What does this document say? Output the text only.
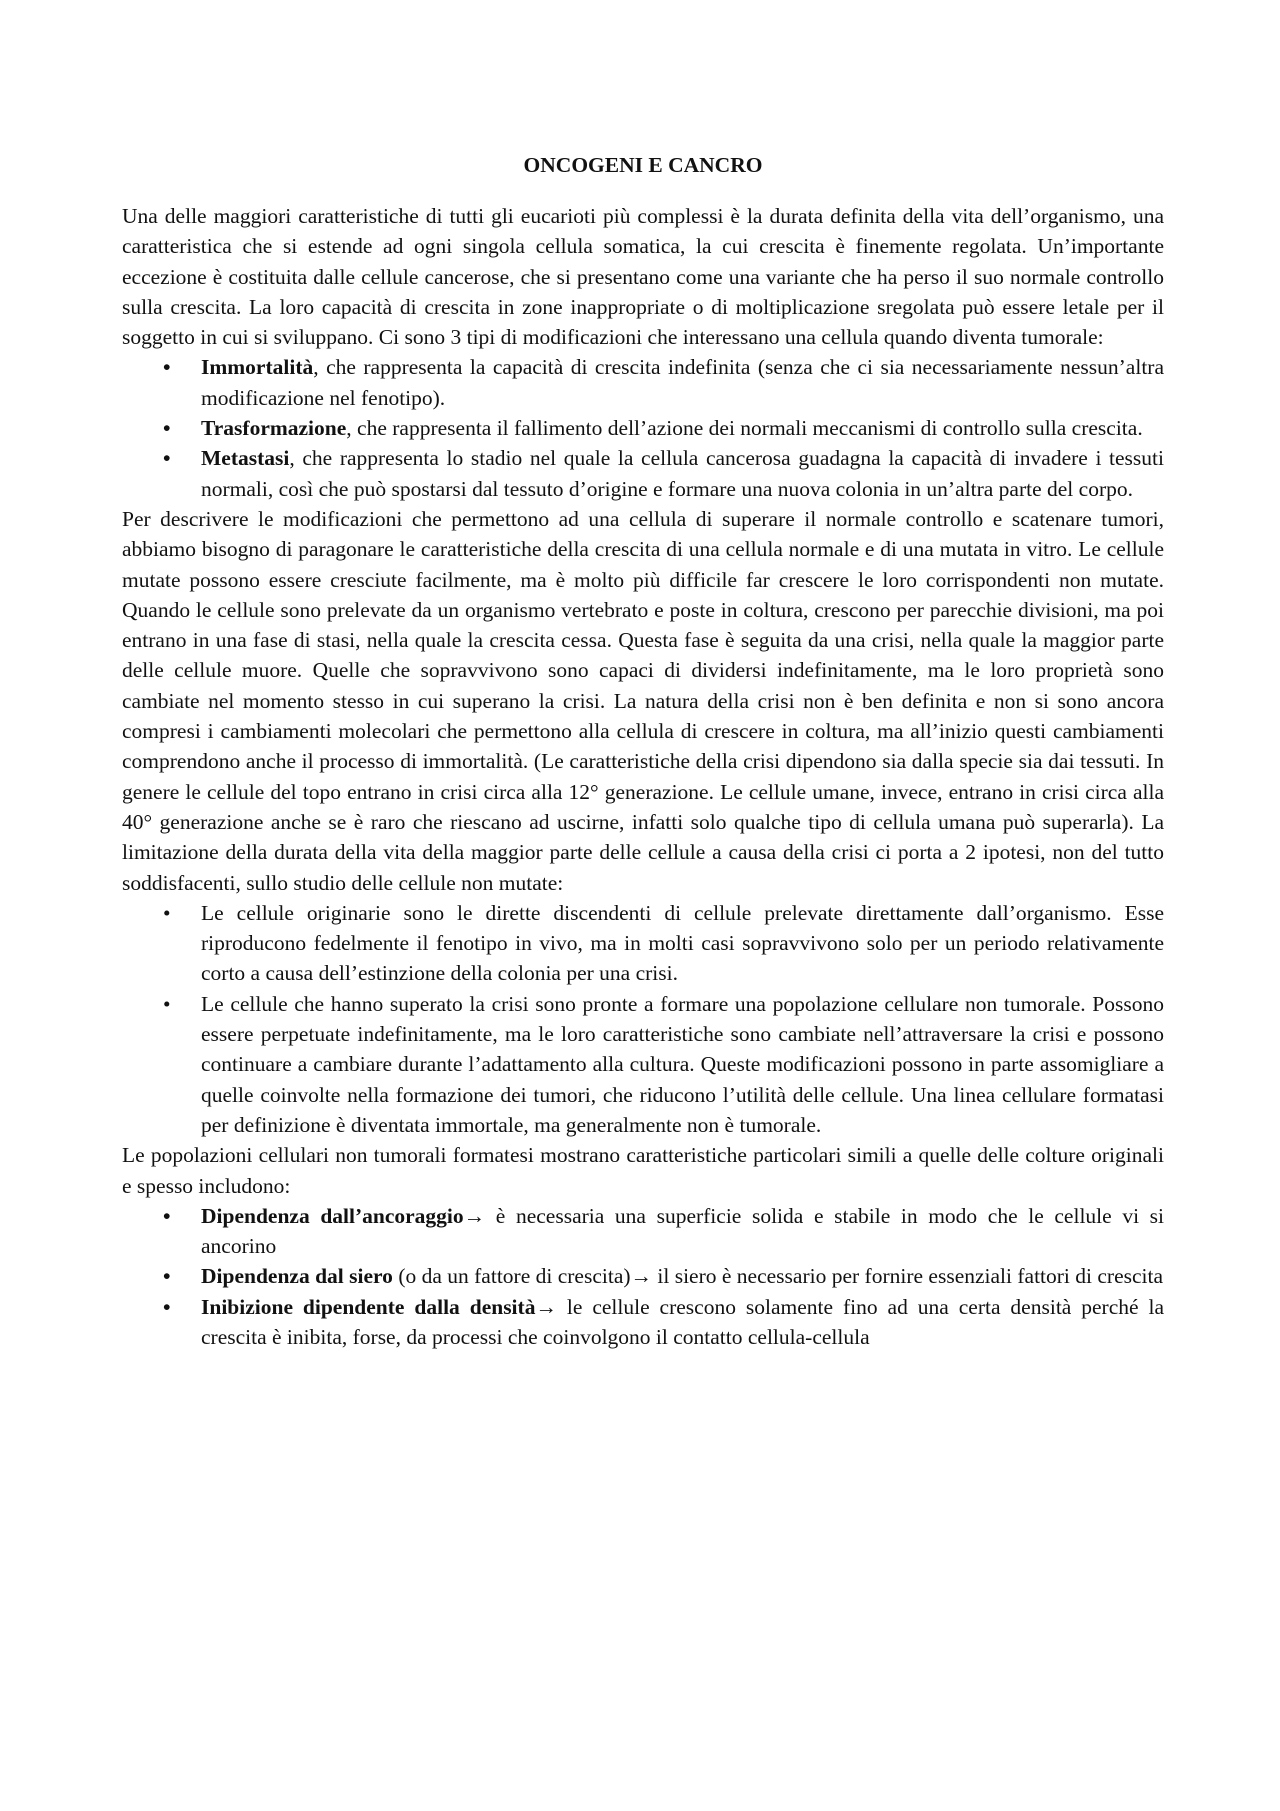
ONCOGENI E CANCRO

Una delle maggiori caratteristiche di tutti gli eucarioti più complessi è la durata definita della vita dell’organismo, una caratteristica che si estende ad ogni singola cellula somatica, la cui crescita è finemente regolata. Un’importante eccezione è costituita dalle cellule cancerose, che si presentano come una variante che ha perso il suo normale controllo sulla crescita. La loro capacità di crescita in zone inappropriate o di moltiplicazione sregolata può essere letale per il soggetto in cui si sviluppano. Ci sono 3 tipi di modificazioni che interessano una cellula quando diventa tumorale:

• Immortalità, che rappresenta la capacità di crescita indefinita (senza che ci sia necessariamente nessun’altra modificazione nel fenotipo).
• Trasformazione, che rappresenta il fallimento dell’azione dei normali meccanismi di controllo sulla crescita.
• Metastasi, che rappresenta lo stadio nel quale la cellula cancerosa guadagna la capacità di invadere i tessuti normali, così che può spostarsi dal tessuto d’origine e formare una nuova colonia in un’altra parte del corpo.

Per descrivere le modificazioni che permettono ad una cellula di superare il normale controllo e scatenare tumori, abbiamo bisogno di paragonare le caratteristiche della crescita di una cellula normale e di una mutata in vitro. Le cellule mutate possono essere cresciute facilmente, ma è molto più difficile far crescere le loro corrispondenti non mutate. Quando le cellule sono prelevate da un organismo vertebrato e poste in coltura, crescono per parecchie divisioni, ma poi entrano in una fase di stasi, nella quale la crescita cessa. Questa fase è seguita da una crisi, nella quale la maggior parte delle cellule muore. Quelle che sopravvivono sono capaci di dividersi indefinitamente, ma le loro proprietà sono cambiate nel momento stesso in cui superano la crisi. La natura della crisi non è ben definita e non si sono ancora compresi i cambiamenti molecolari che permettono alla cellula di crescere in coltura, ma all’inizio questi cambiamenti comprendono anche il processo di immortalità. (Le caratteristiche della crisi dipendono sia dalla specie sia dai tessuti. In genere le cellule del topo entrano in crisi circa alla 12° generazione. Le cellule umane, invece, entrano in crisi circa alla 40° generazione anche se è raro che riescano ad uscirne, infatti solo qualche tipo di cellula umana può superarla). La limitazione della durata della vita della maggior parte delle cellule a causa della crisi ci porta a 2 ipotesi, non del tutto soddisfacenti, sullo studio delle cellule non mutate:

• Le cellule originarie sono le dirette discendenti di cellule prelevate direttamente dall’organismo. Esse riproducono fedelmente il fenotipo in vivo, ma in molti casi sopravvivono solo per un periodo relativamente corto a causa dell’estinzione della colonia per una crisi.
• Le cellule che hanno superato la crisi sono pronte a formare una popolazione cellulare non tumorale. Possono essere perpetuate indefinitamente, ma le loro caratteristiche sono cambiate nell’attraversare la crisi e possono continuare a cambiare durante l’adattamento alla cultura. Queste modificazioni possono in parte assomigliare a quelle coinvolte nella formazione dei tumori, che riducono l’utilità delle cellule. Una linea cellulare formatasi per definizione è diventata immortale, ma generalmente non è tumorale.

Le popolazioni cellulari non tumorali formatesi mostrano caratteristiche particolari simili a quelle delle colture originali e spesso includono:

• Dipendenza dall’ancoraggio→ è necessaria una superficie solida e stabile in modo che le cellule vi si ancorino
• Dipendenza dal siero (o da un fattore di crescita)→ il siero è necessario per fornire essenziali fattori di crescita
• Inibizione dipendente dalla densità→ le cellule crescono solamente fino ad una certa densità perché la crescita è inibita, forse, da processi che coinvolgono il contatto cellula-cellula
